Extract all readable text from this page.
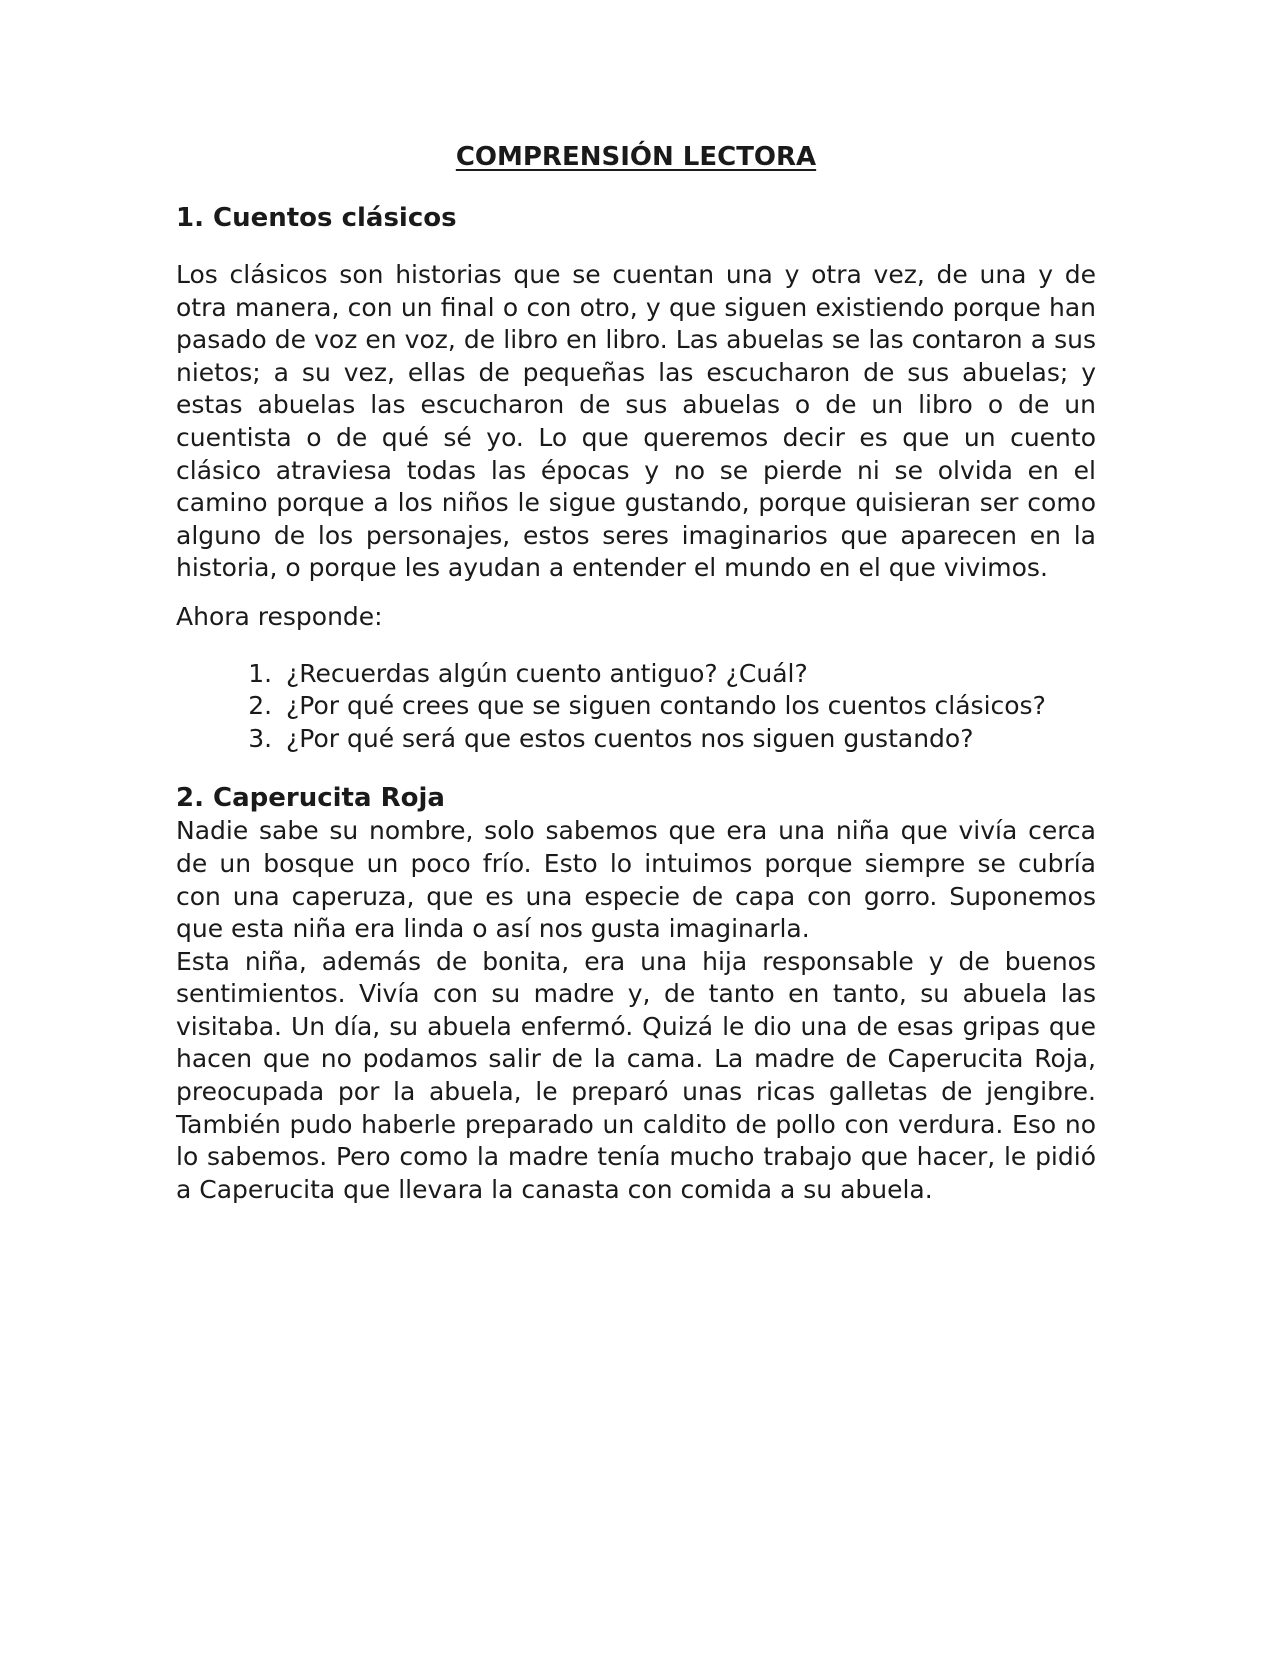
COMPRENSIÓN LECTORA
1. Cuentos clásicos

Los clásicos son historias que se cuentan una y otra vez, de una y de otra manera, con un final o con otro, y que siguen existiendo porque han pasado de voz en voz, de libro en libro. Las abuelas se las contaron a sus nietos; a su vez, ellas de pequeñas las escucharon de sus abuelas; y estas abuelas las escucharon de sus abuelas o de un libro o de un cuentista o de qué sé yo. Lo que queremos decir es que un cuento clásico atraviesa todas las épocas y no se pierde ni se olvida en el camino porque a los niños le sigue gustando, porque quisieran ser como alguno de los personajes, estos seres imaginarios que aparecen en la historia, o porque les ayudan a entender el mundo en el que vivimos.

Ahora responde:

1. ¿Recuerdas algún cuento antiguo? ¿Cuál?
2. ¿Por qué crees que se siguen contando los cuentos clásicos?
3. ¿Por qué será que estos cuentos nos siguen gustando?
2. Caperucita Roja

Nadie sabe su nombre, solo sabemos que era una niña que vivía cerca de un bosque un poco frío. Esto lo intuimos porque siempre se cubría con una caperuza, que es una especie de capa con gorro. Suponemos que esta niña era linda o así nos gusta imaginarla.

Esta niña, además de bonita, era una hija responsable y de buenos sentimientos. Vivía con su madre y, de tanto en tanto, su abuela las visitaba. Un día, su abuela enfermó. Quizá le dio una de esas gripas que hacen que no podamos salir de la cama. La madre de Caperucita Roja, preocupada por la abuela, le preparó unas ricas galletas de jengibre. También pudo haberle preparado un caldito de pollo con verdura. Eso no lo sabemos. Pero como la madre tenía mucho trabajo que hacer, le pidió a Caperucita que llevara la canasta con comida a su abuela.
